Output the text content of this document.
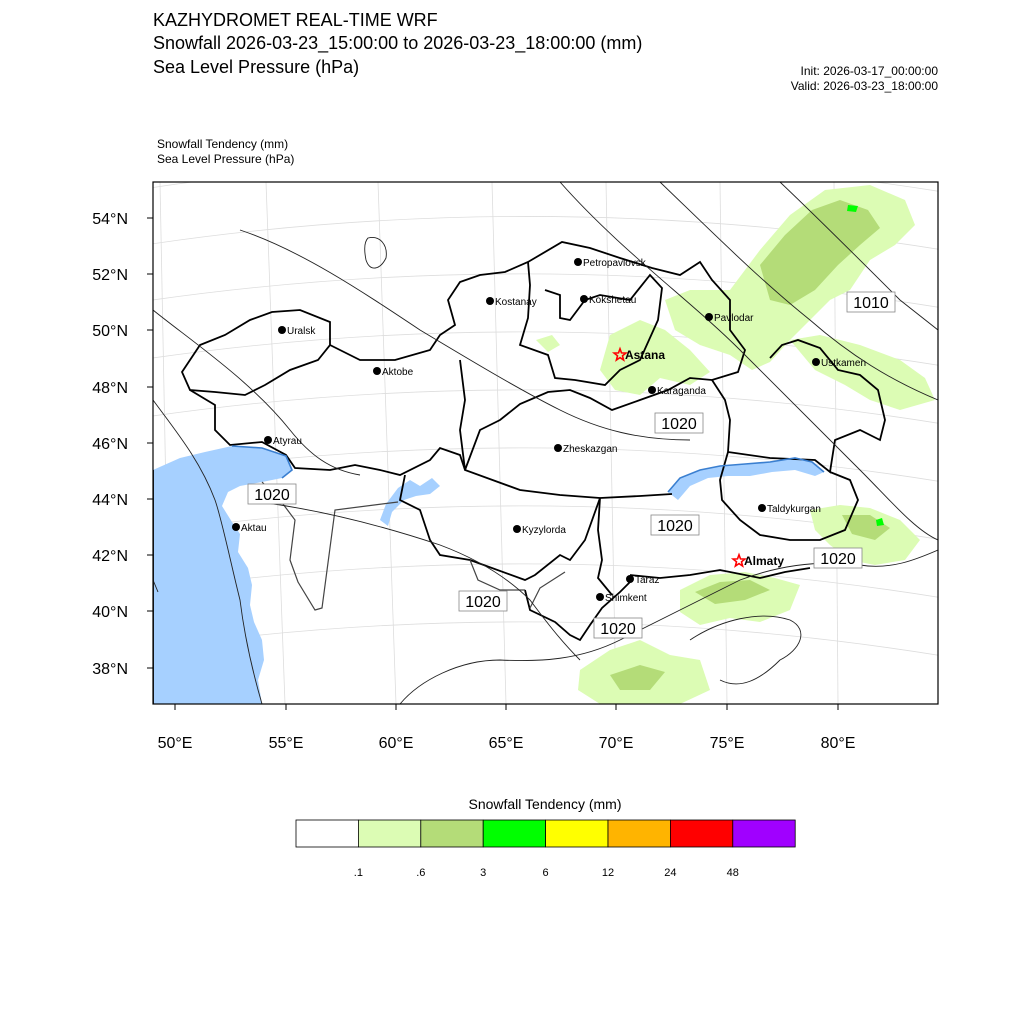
KAZHYDROMET REAL-TIME WRF
Snowfall 2026-03-23_15:00:00 to 2026-03-23_18:00:00 (mm)
Sea Level Pressure (hPa)	Init: 2026-03-17_00:00:00
Valid: 2026-03-23_18:00:00
Snowfall Tendency (mm)
Sea Level Pressure (hPa)
54°N
52°N
50°N
48°N
46°N
44°N
42°N
40°N
38°N
50°E	55°E	60°E	65°E	70°E	75°E	80°E
1010
1020
1020
1020
1020
1020
1020
Petropavlovsk
Kostanay	Kokshetau
Uralsk
Pavlodar
Astana
Aktobe
Ustkamen
Karaganda
Atyrau
Zheskazgan
Aktau	Kyzylorda
Taldykurgan
Almaty
Taraz
Shimkent
Snowfall Tendency (mm)
.1	.6	3	6	12	24	48
